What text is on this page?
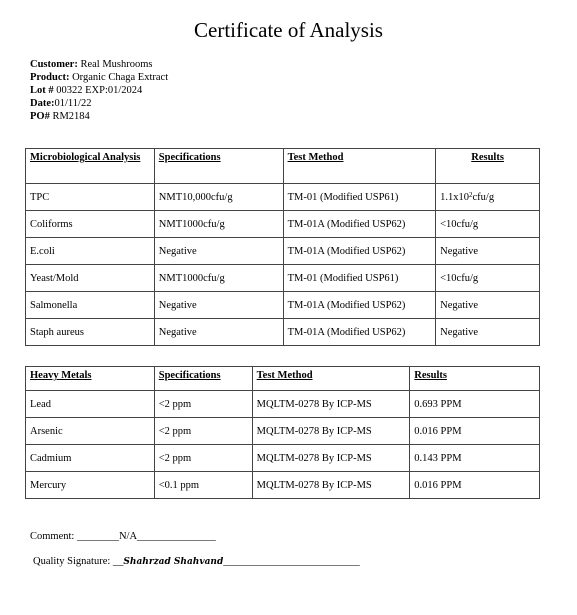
Certificate of Analysis
Customer: Real Mushrooms
Product: Organic Chaga Extract
Lot # 00322 EXP:01/2024
Date:01/11/22
PO# RM2184
Microbiological Analysis	Specifications	Test Method	Results
TPC	NMT10,000cfu/g	TM-01 (Modified USP61)	$1.1x10^2cfu/g$
Coliforms	NMT1000cfu/g	TM-01A (Modified USP62)	<10cfu/g
E.coli	Negative	TM-01A (Modified USP62)	Negative
Yeast/Mold	NMT1000cfu/g	TM-01 (Modified USP61)	<10cfu/g
Salmonella	Negative	TM-01A (Modified USP62)	Negative
Staph aureus	Negative	TM-01A (Modified USP62)	Negative
Heavy Metals	Specifications	Test Method	Results
Lead	<2 ppm	MQLTM-0278 By ICP-MS	0.693 PPM
Arsenic	<2 ppm	MQLTM-0278 By ICP-MS	0.016 PPM
Cadmium	<2 ppm	MQLTM-0278 By ICP-MS	0.143 PPM
Mercury	<0.1 ppm	MQLTM-0278 By ICP-MS	0.016 PPM
Comment: ________N/A_______________
Quality Signature: __Shahrzad Shahvand__________________________
